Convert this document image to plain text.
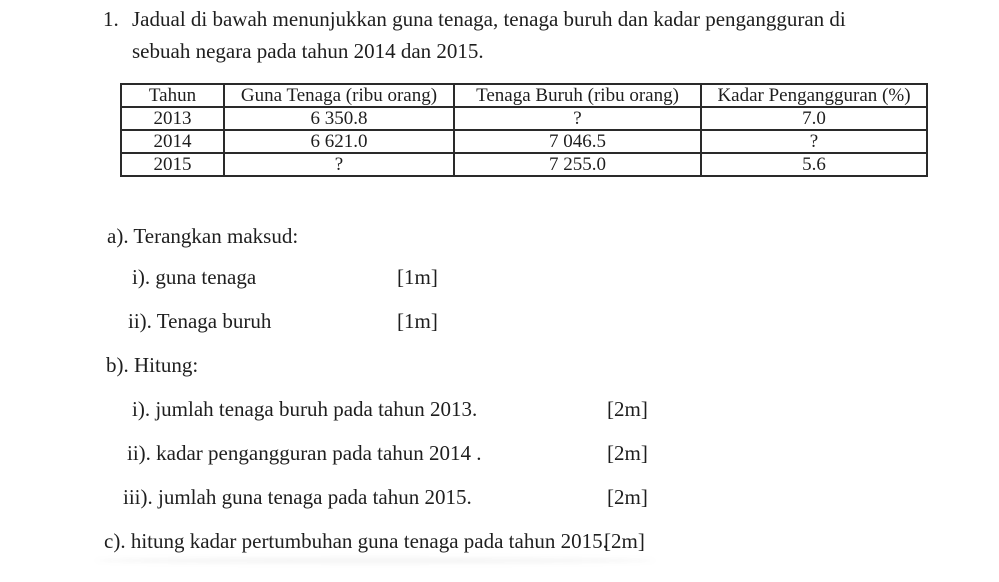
1. Jadual di bawah menunjukkan guna tenaga, tenaga buruh dan kadar pengangguran di
sebuah negara pada tahun 2014 dan 2015.
Tahun	Guna Tenaga (ribu orang)	Tenaga Buruh (ribu orang)	Kadar Pengangguran (%)
2013	6 350.8	?	7.0
2014	6 621.0	7 046.5	?
2015	?	7 255.0	5.6
a). Terangkan maksud:
i). guna tenaga	[1m]
ii). Tenaga buruh	[1m]
b). Hitung:
i). jumlah tenaga buruh pada tahun 2013.	[2m]
ii). kadar pengangguran pada tahun 2014 .	[2m]
iii). jumlah guna tenaga pada tahun 2015.	[2m]
c). hitung kadar pertumbuhan guna tenaga pada tahun 2015.
[2m]
